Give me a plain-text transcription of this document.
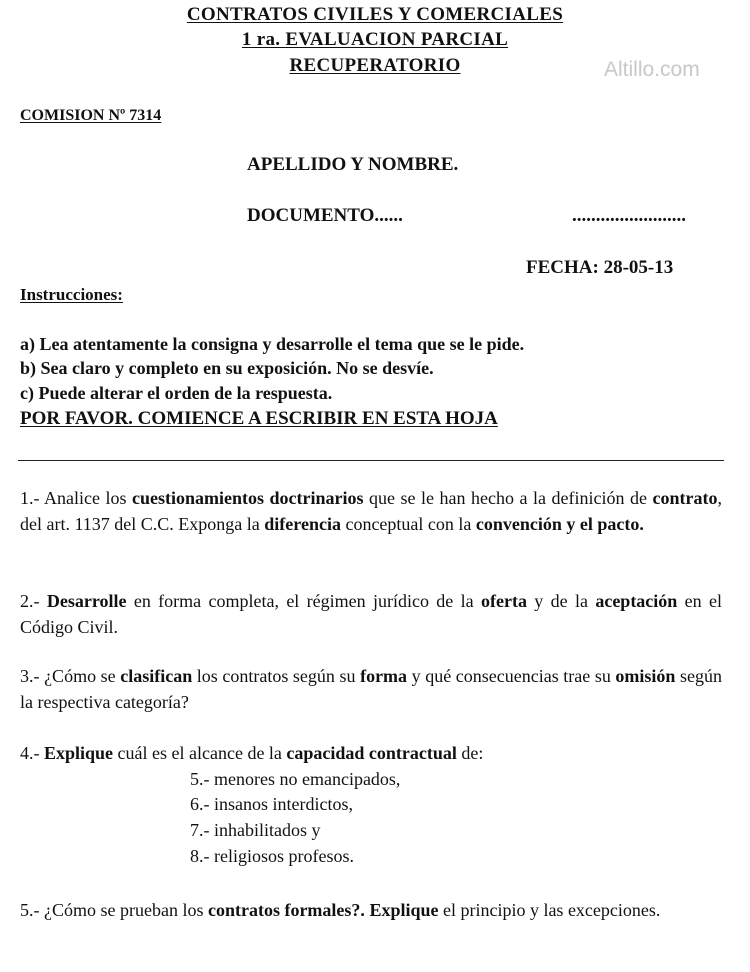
CONTRATOS CIVILES Y COMERCIALES
1 ra. EVALUACION PARCIAL
RECUPERATORIO	Altillo.com
COMISION Nº 7314
APELLIDO Y NOMBRE.
DOCUMENTO......	........................
FECHA: 28-05-13
Instrucciones:
a) Lea atentamente la consigna y desarrolle el tema que se le pide.
b) Sea claro y completo en su exposición. No se desvíe.
c) Puede alterar el orden de la respuesta.
POR FAVOR. COMIENCE A ESCRIBIR EN ESTA HOJA
1.- Analice los cuestionamientos doctrinarios que se le han hecho a la definición de contrato, del art. 1137 del C.C. Exponga la diferencia conceptual con la convención y el pacto.
2.- Desarrolle en forma completa, el régimen jurídico de la oferta y de la aceptación en el Código Civil.
3.- ¿Cómo se clasifican los contratos según su forma y qué consecuencias trae su omisión según la respectiva categoría?
4.- Explique cuál es el alcance de la capacidad contractual de:
5.- menores no emancipados,
6.- insanos interdictos,
7.- inhabilitados y
8.- religiosos profesos.
5.- ¿Cómo se prueban los contratos formales?. Explique el principio y las excepciones.
